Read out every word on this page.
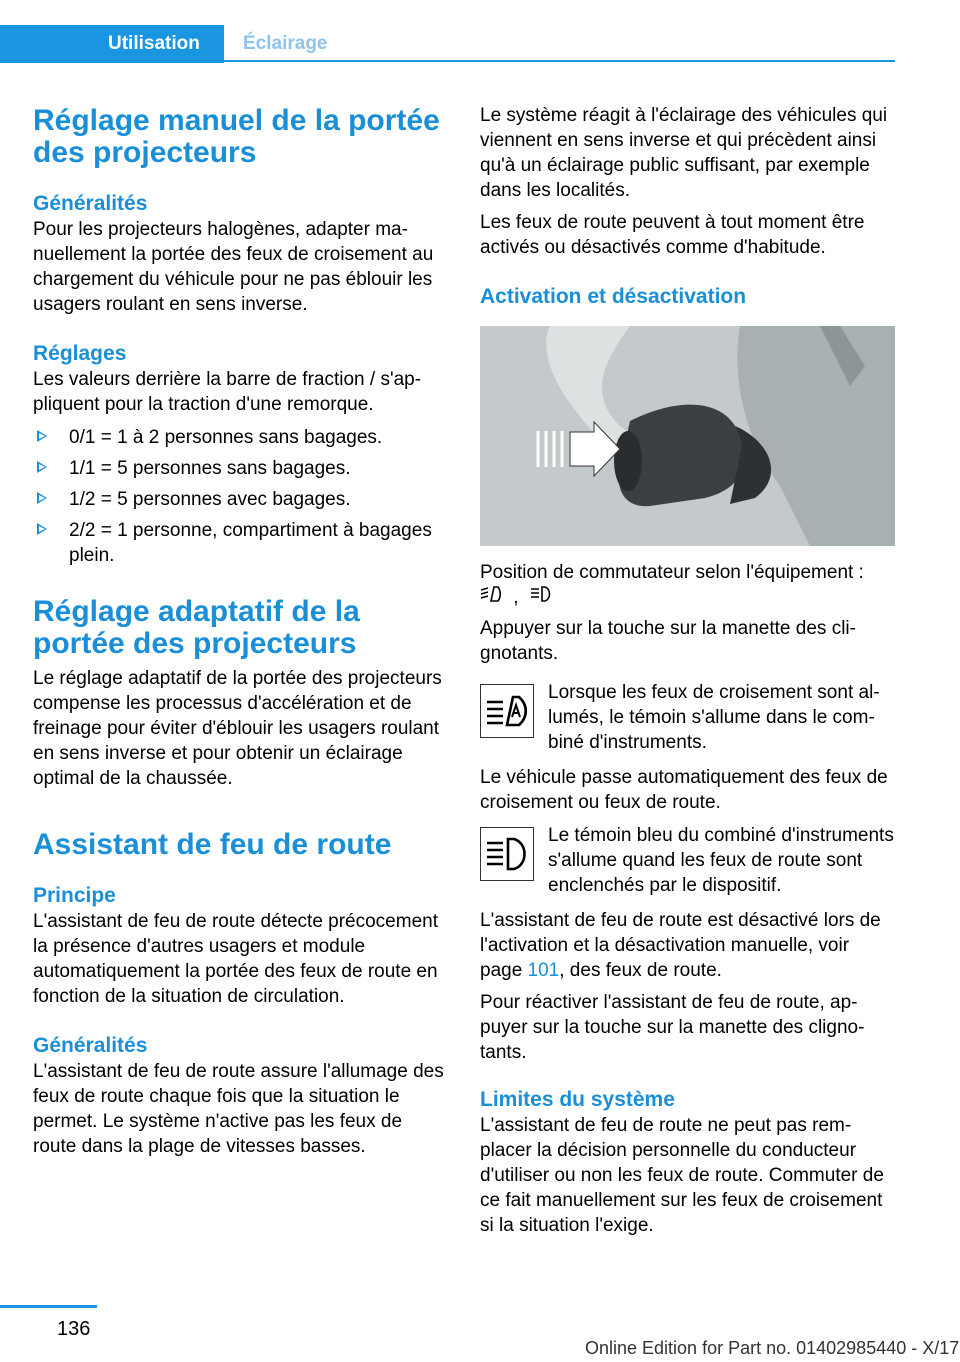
Utilisation	Éclairage
Réglage manuel de la portée des projecteurs
Généralités

Pour les projecteurs halogènes, adapter manuellement la portée des feux de croisement au chargement du véhicule pour ne pas éblouir les usagers roulant en sens inverse.

Réglages

Les valeurs derrière la barre de fraction / s'appliquent pour la traction d'une remorque.

0/1 = 1 à 2 personnes sans bagages.
1/1 = 5 personnes sans bagages.
1/2 = 5 personnes avec bagages.
2/2 = 1 personne, compartiment à bagages plein.
Réglage adaptatif de la portée des projecteurs

Le réglage adaptatif de la portée des projecteurs compense les processus d'accélération et de freinage pour éviter d'éblouir les usagers roulant en sens inverse et pour obtenir un éclairage optimal de la chaussée.

Assistant de feu de route
Principe

L'assistant de feu de route détecte précocement la présence d'autres usagers et module automatiquement la portée des feux de route en fonction de la situation de circulation.

Généralités

L'assistant de feu de route assure l'allumage des feux de route chaque fois que la situation le permet. Le système n'active pas les feux de route dans la plage de vitesses basses.

Le système réagit à l'éclairage des véhicules qui viennent en sens inverse et qui précèdent ainsi qu'à un éclairage public suffisant, par exemple dans les localités.

Les feux de route peuvent à tout moment être activés ou désactivés comme d'habitude.

Activation et désactivation

Position de commutateur selon l'équipement :

,

Appuyer sur la touche sur la manette des clignotants.

Lorsque les feux de croisement sont allumés, le témoin s'allume dans le combiné d'instruments.

Le véhicule passe automatiquement des feux de croisement ou feux de route.

Le témoin bleu du combiné d'instruments s'allume quand les feux de route sont enclenchés par le dispositif.

L'assistant de feu de route est désactivé lors de l'activation et la désactivation manuelle, voir page 101, des feux de route.

Pour réactiver l'assistant de feu de route, appuyer sur la touche sur la manette des clignotants.

Limites du système

L'assistant de feu de route ne peut pas remplacer la décision personnelle du conducteur d'utiliser ou non les feux de route. Commuter de ce fait manuellement sur les feux de croisement si la situation l'exige.

136
Online Edition for Part no. 01402985440 - X/17
